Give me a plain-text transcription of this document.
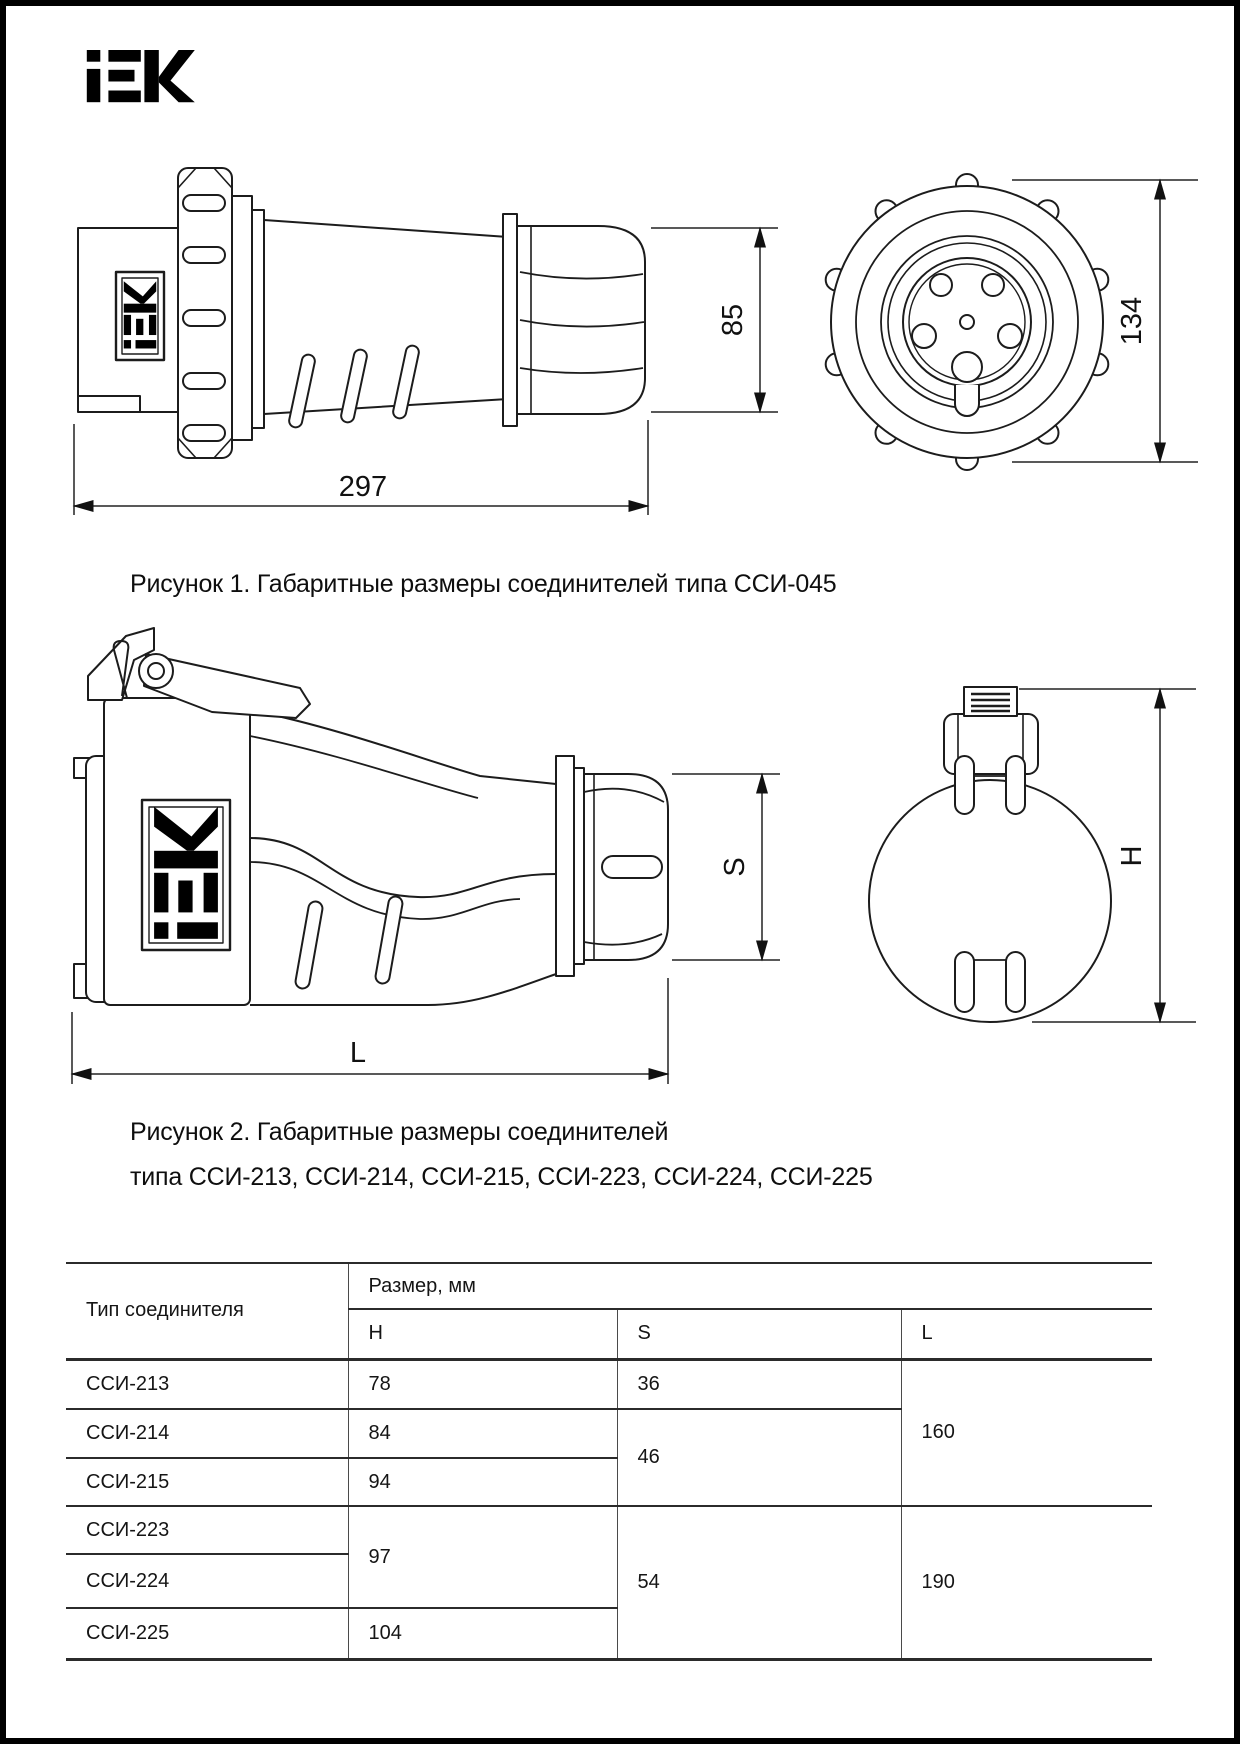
297
85	134
L
S
H
Рисунок 1. Габаритные размеры соединителей типа ССИ-045
Рисунок 2. Габаритные размеры соединителей
типа ССИ-213, ССИ-214, ССИ-215, ССИ-223, ССИ-224, ССИ-225
Тип соединителя	Размер, мм		
	H	S	L
ССИ-213	78	36	160
ССИ-214	84	46	
ССИ-215	94		
ССИ-223	97	54	190
ССИ-224			
ССИ-225	104		
